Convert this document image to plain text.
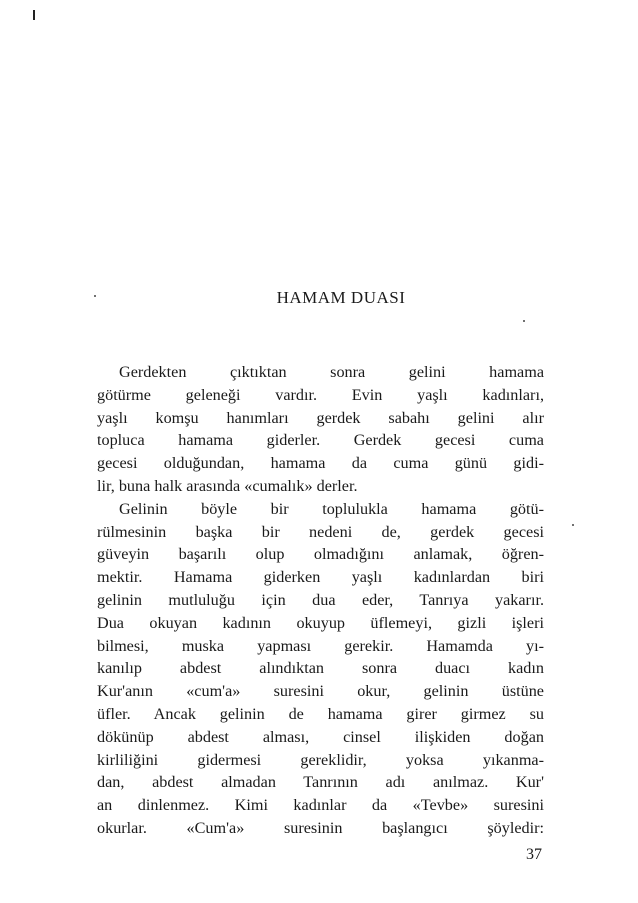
HAMAM DUASI
Gerdekten çıktıktan sonra gelini hamama
götürme geleneği vardır. Evin yaşlı kadınları,
yaşlı komşu hanımları gerdek sabahı gelini alır
topluca hamama giderler. Gerdek gecesi cuma
gecesi olduğundan, hamama da cuma günü gidi-
lir, buna halk arasında «cumalık» derler.
Gelinin böyle bir toplulukla hamama götü-
rülmesinin başka bir nedeni de, gerdek gecesi
güveyin başarılı olup olmadığını anlamak, öğren-
mektir. Hamama giderken yaşlı kadınlardan biri
gelinin mutluluğu için dua eder, Tanrıya yakarır.
Dua okuyan kadının okuyup üflemeyi, gizli işleri
bilmesi, muska yapması gerekir. Hamamda yı-
kanılıp abdest alındıktan sonra duacı kadın
Kur'anın «cum'a» suresini okur, gelinin üstüne
üfler. Ancak gelinin de hamama girer girmez su
dökünüp abdest alması, cinsel ilişkiden doğan
kirliliğini gidermesi gereklidir, yoksa yıkanma-
dan, abdest almadan Tanrının adı anılmaz. Kur'
an dinlenmez. Kimi kadınlar da «Tevbe» suresini
okurlar. «Cum'a» suresinin başlangıcı şöyledir:
37
